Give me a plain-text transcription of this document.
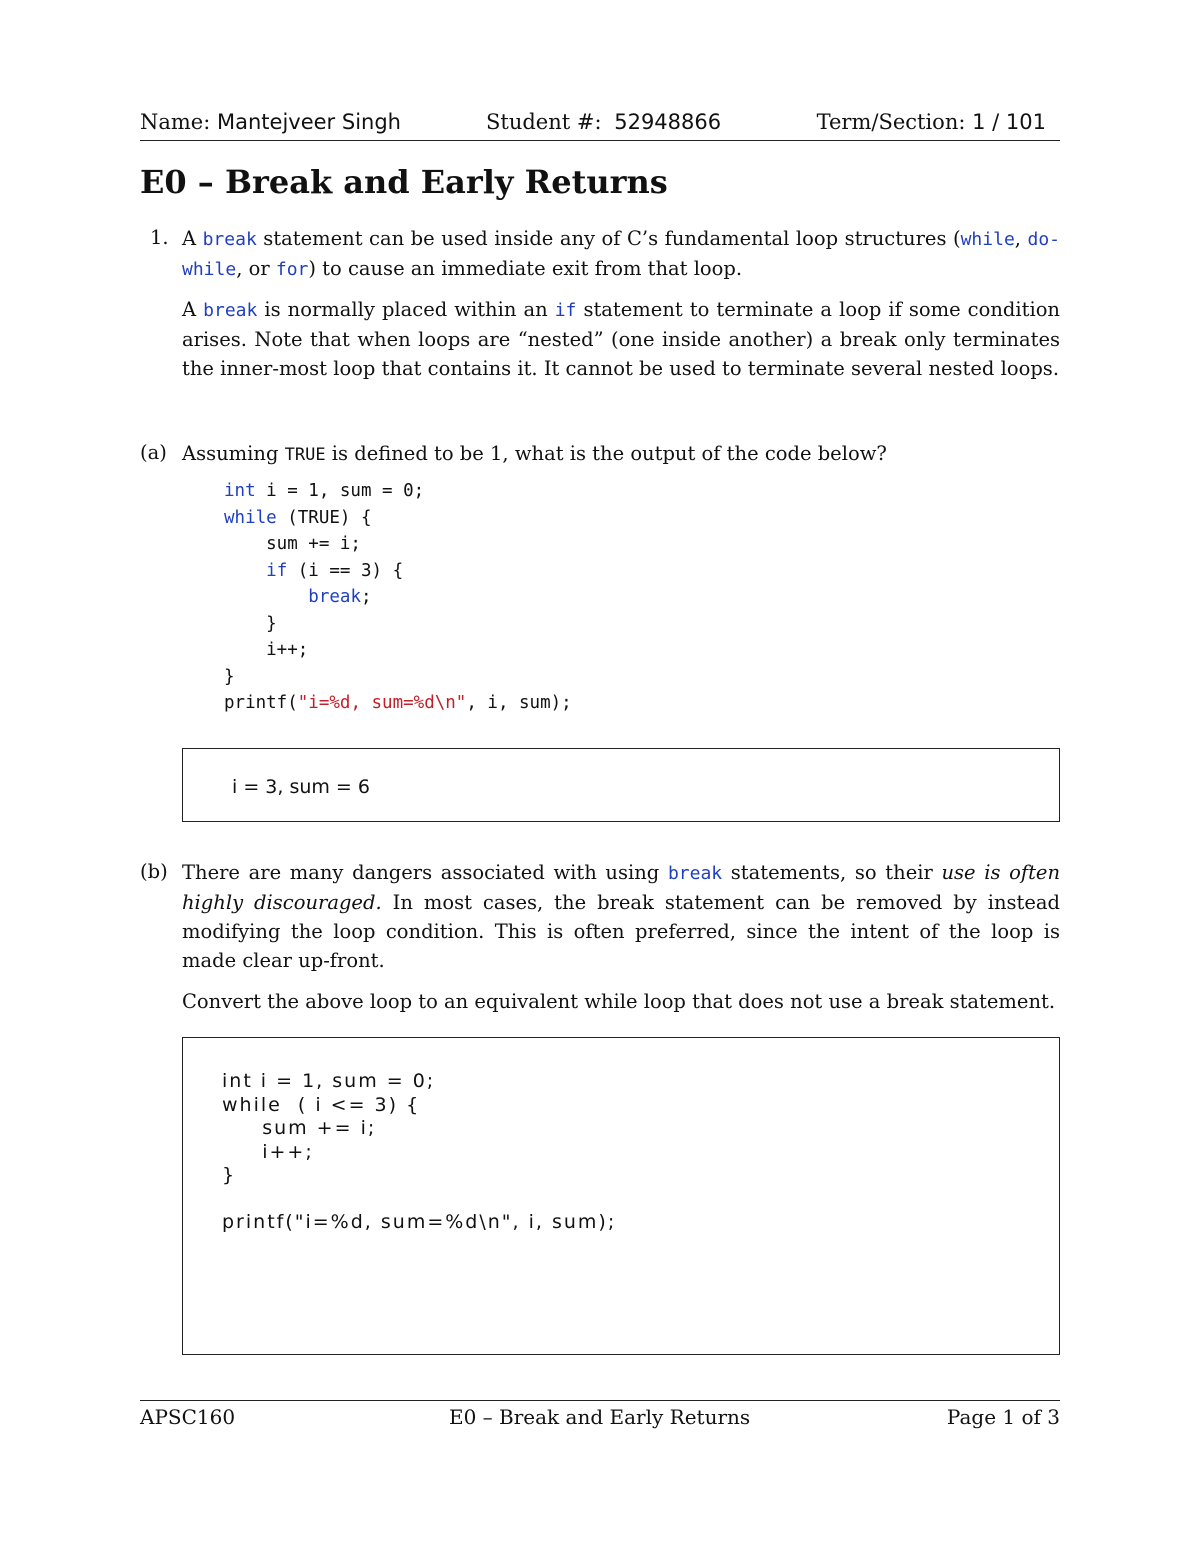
Name: Mantejveer Singh	Student #: 52948866	Term/Section: 1 / 101
E0 – Break and Early Returns
1. A break statement can be used inside any of C’s fundamental loop structures (while, do-while, or for) to cause an immediate exit from that loop.
A break is normally placed within an if statement to terminate a loop if some condition arises. Note that when loops are “nested” (one inside another) a break only terminates the inner-most loop that contains it. It cannot be used to terminate several nested loops.
(a) Assuming TRUE is defined to be 1, what is the output of the code below?
int i = 1, sum = 0;
while (TRUE) {
sum += i;
if (i == 3) {
break;
}
i++;
}
printf("i=%d, sum=%d\n", i, sum);
i = 3, sum = 6
(b) There are many dangers associated with using break statements, so their use is often highly discouraged. In most cases, the break statement can be removed by instead modifying the loop condition. This is often preferred, since the intent of the loop is made clear up-front.
Convert the above loop to an equivalent while loop that does not use a break statement.
int i = 1, sum = 0;
while  ( i <= 3) {
sum += i;
i++;
}

printf("i=%d, sum=%d\n", i, sum);
APSC160	E0 – Break and Early Returns	Page 1 of 3
